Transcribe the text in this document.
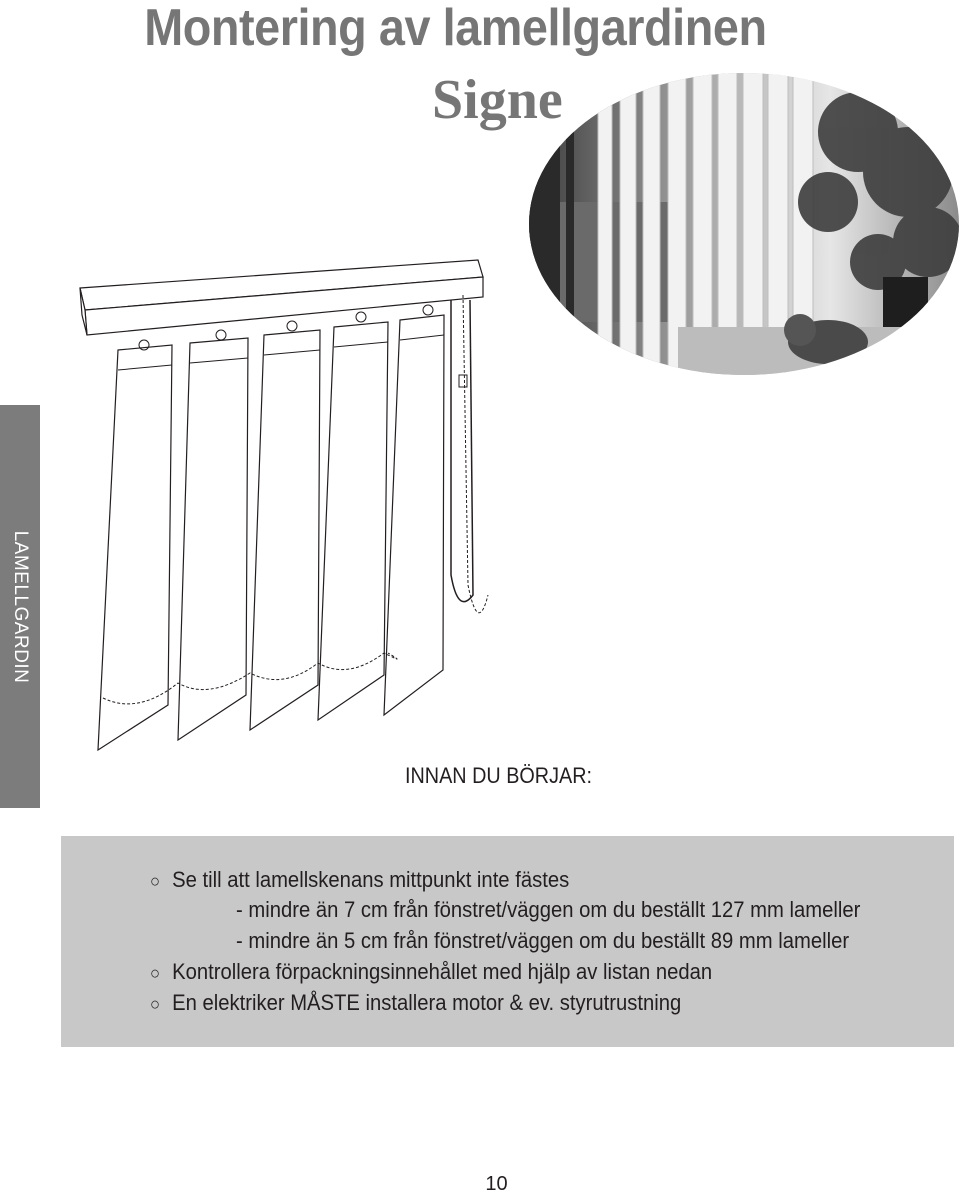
Montering av lamellgardinen
Signe
LAMELLGARDIN
INNAN DU BÖRJAR:
○ Se till att lamellskenans mittpunkt inte fästes
- mindre än 7 cm från fönstret/väggen om du beställt 127 mm lameller
- mindre än 5 cm från fönstret/väggen om du beställt 89 mm lameller
○ Kontrollera förpackningsinnehållet med hjälp av listan nedan
○ En elektriker MÅSTE installera motor & ev. styrutrustning
10
